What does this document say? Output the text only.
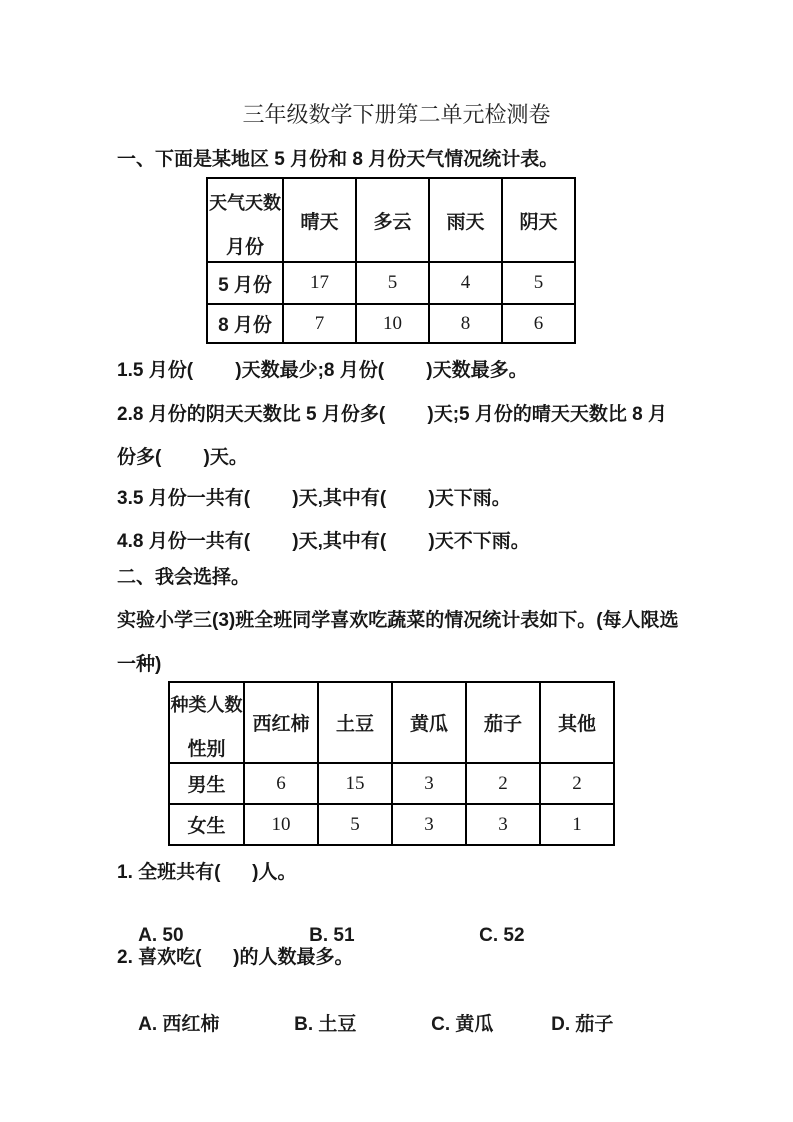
三年级数学下册第二单元检测卷
一、下面是某地区 5 月份和 8 月份天气情况统计表。
天气天数
月份	晴天	多云	雨天	阴天
5 月份	17	5	4	5
8 月份	7	10	8	6
1.5 月份(        )天数最少;8 月份(        )天数最多。
2.8 月份的阴天天数比 5 月份多(        )天;5 月份的晴天天数比 8 月
份多(        )天。
3.5 月份一共有(        )天,其中有(        )天下雨。
4.8 月份一共有(        )天,其中有(        )天不下雨。
二、我会选择。
实验小学三(3)班全班同学喜欢吃蔬菜的情况统计表如下。(每人限选
一种)
种类人数
性别	西红柿	土豆	黄瓜	茄子	其他
男生	6	15	3	2	2
女生	10	5	3	3	1
1. 全班共有(      )人。

A. 50	B. 51	C. 52

2. 喜欢吃(      )的人数最多。

A. 西红柿	B. 土豆	C. 黄瓜	D. 茄子
